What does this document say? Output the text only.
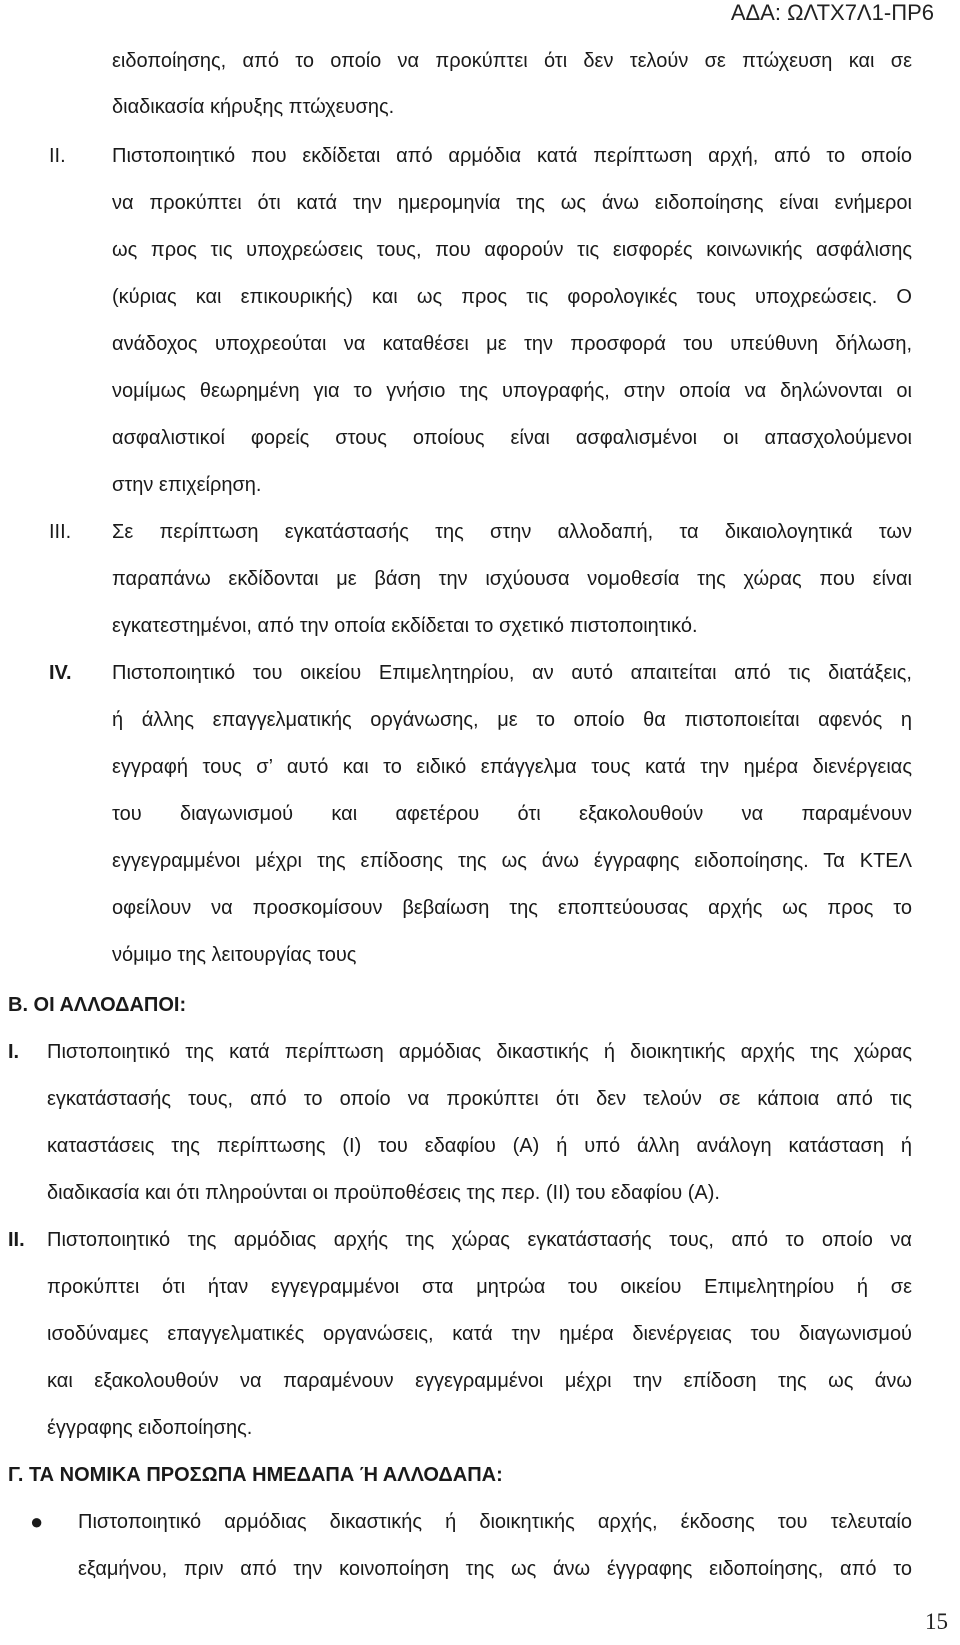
ΑΔΑ: ΩΛΤΧ7Λ1-ΠΡ6
ειδοποίησης, από το οποίο να προκύπτει ότι δεν τελούν σε πτώχευση και σε
διαδικασία κήρυξης πτώχευσης.
II. Πιστοποιητικό που εκδίδεται από αρμόδια κατά περίπτωση αρχή, από το οποίο
να προκύπτει ότι κατά την ημερομηνία της ως άνω ειδοποίησης είναι ενήμεροι
ως προς τις υποχρεώσεις τους, που αφορούν τις εισφορές κοινωνικής ασφάλισης
(κύριας και επικουρικής) και ως προς τις φορολογικές τους υποχρεώσεις. Ο
ανάδοχος υποχρεούται να καταθέσει με την προσφορά του υπεύθυνη δήλωση,
νομίμως θεωρημένη για το γνήσιο της υπογραφής, στην οποία να δηλώνονται οι
ασφαλιστικοί φορείς στους οποίους είναι ασφαλισμένοι οι απασχολούμενοι
στην επιχείρηση.
III. Σε περίπτωση εγκατάστασής της στην αλλοδαπή, τα δικαιολογητικά των
παραπάνω εκδίδονται με βάση την ισχύουσα νομοθεσία της χώρας που είναι
εγκατεστημένοι, από την οποία εκδίδεται το σχετικό πιστοποιητικό.
IV. Πιστοποιητικό του οικείου Επιμελητηρίου, αν αυτό απαιτείται από τις διατάξεις,
ή άλλης επαγγελματικής οργάνωσης, με το οποίο θα πιστοποιείται αφενός η
εγγραφή τους σ’ αυτό και το ειδικό επάγγελμα τους κατά την ημέρα διενέργειας
του διαγωνισμού και αφετέρου ότι εξακολουθούν να παραμένουν
εγγεγραμμένοι μέχρι της επίδοσης της ως άνω έγγραφης ειδοποίησης. Τα ΚΤΕΛ
οφείλουν να προσκομίσουν βεβαίωση της εποπτεύουσας αρχής ως προς το
νόμιμο της λειτουργίας τους
Β. ΟΙ ΑΛΛΟΔΑΠΟΙ:
I. Πιστοποιητικό της κατά περίπτωση αρμόδιας δικαστικής ή διοικητικής αρχής της χώρας
εγκατάστασής τους, από το οποίο να προκύπτει ότι δεν τελούν σε κάποια από τις
καταστάσεις της περίπτωσης (Ι) του εδαφίου (Α) ή υπό άλλη ανάλογη κατάσταση ή
διαδικασία και ότι πληρούνται οι προϋποθέσεις της περ. (ΙΙ) του εδαφίου (Α).
II. Πιστοποιητικό της αρμόδιας αρχής της χώρας εγκατάστασής τους, από το οποίο να
προκύπτει ότι ήταν εγγεγραμμένοι στα μητρώα του οικείου Επιμελητηρίου ή σε
ισοδύναμες επαγγελματικές οργανώσεις, κατά την ημέρα διενέργειας του διαγωνισμού
και εξακολουθούν να παραμένουν εγγεγραμμένοι μέχρι την επίδοση της ως άνω
έγγραφης ειδοποίησης.
Γ. ΤΑ ΝΟΜΙΚΑ ΠΡΟΣΩΠΑ ΗΜΕΔΑΠΑ Ή ΑΛΛΟΔΑΠΑ:
● Πιστοποιητικό αρμόδιας δικαστικής ή διοικητικής αρχής, έκδοσης του τελευταίο
εξαμήνου, πριν από την κοινοποίηση της ως άνω έγγραφης ειδοποίησης, από το
15
